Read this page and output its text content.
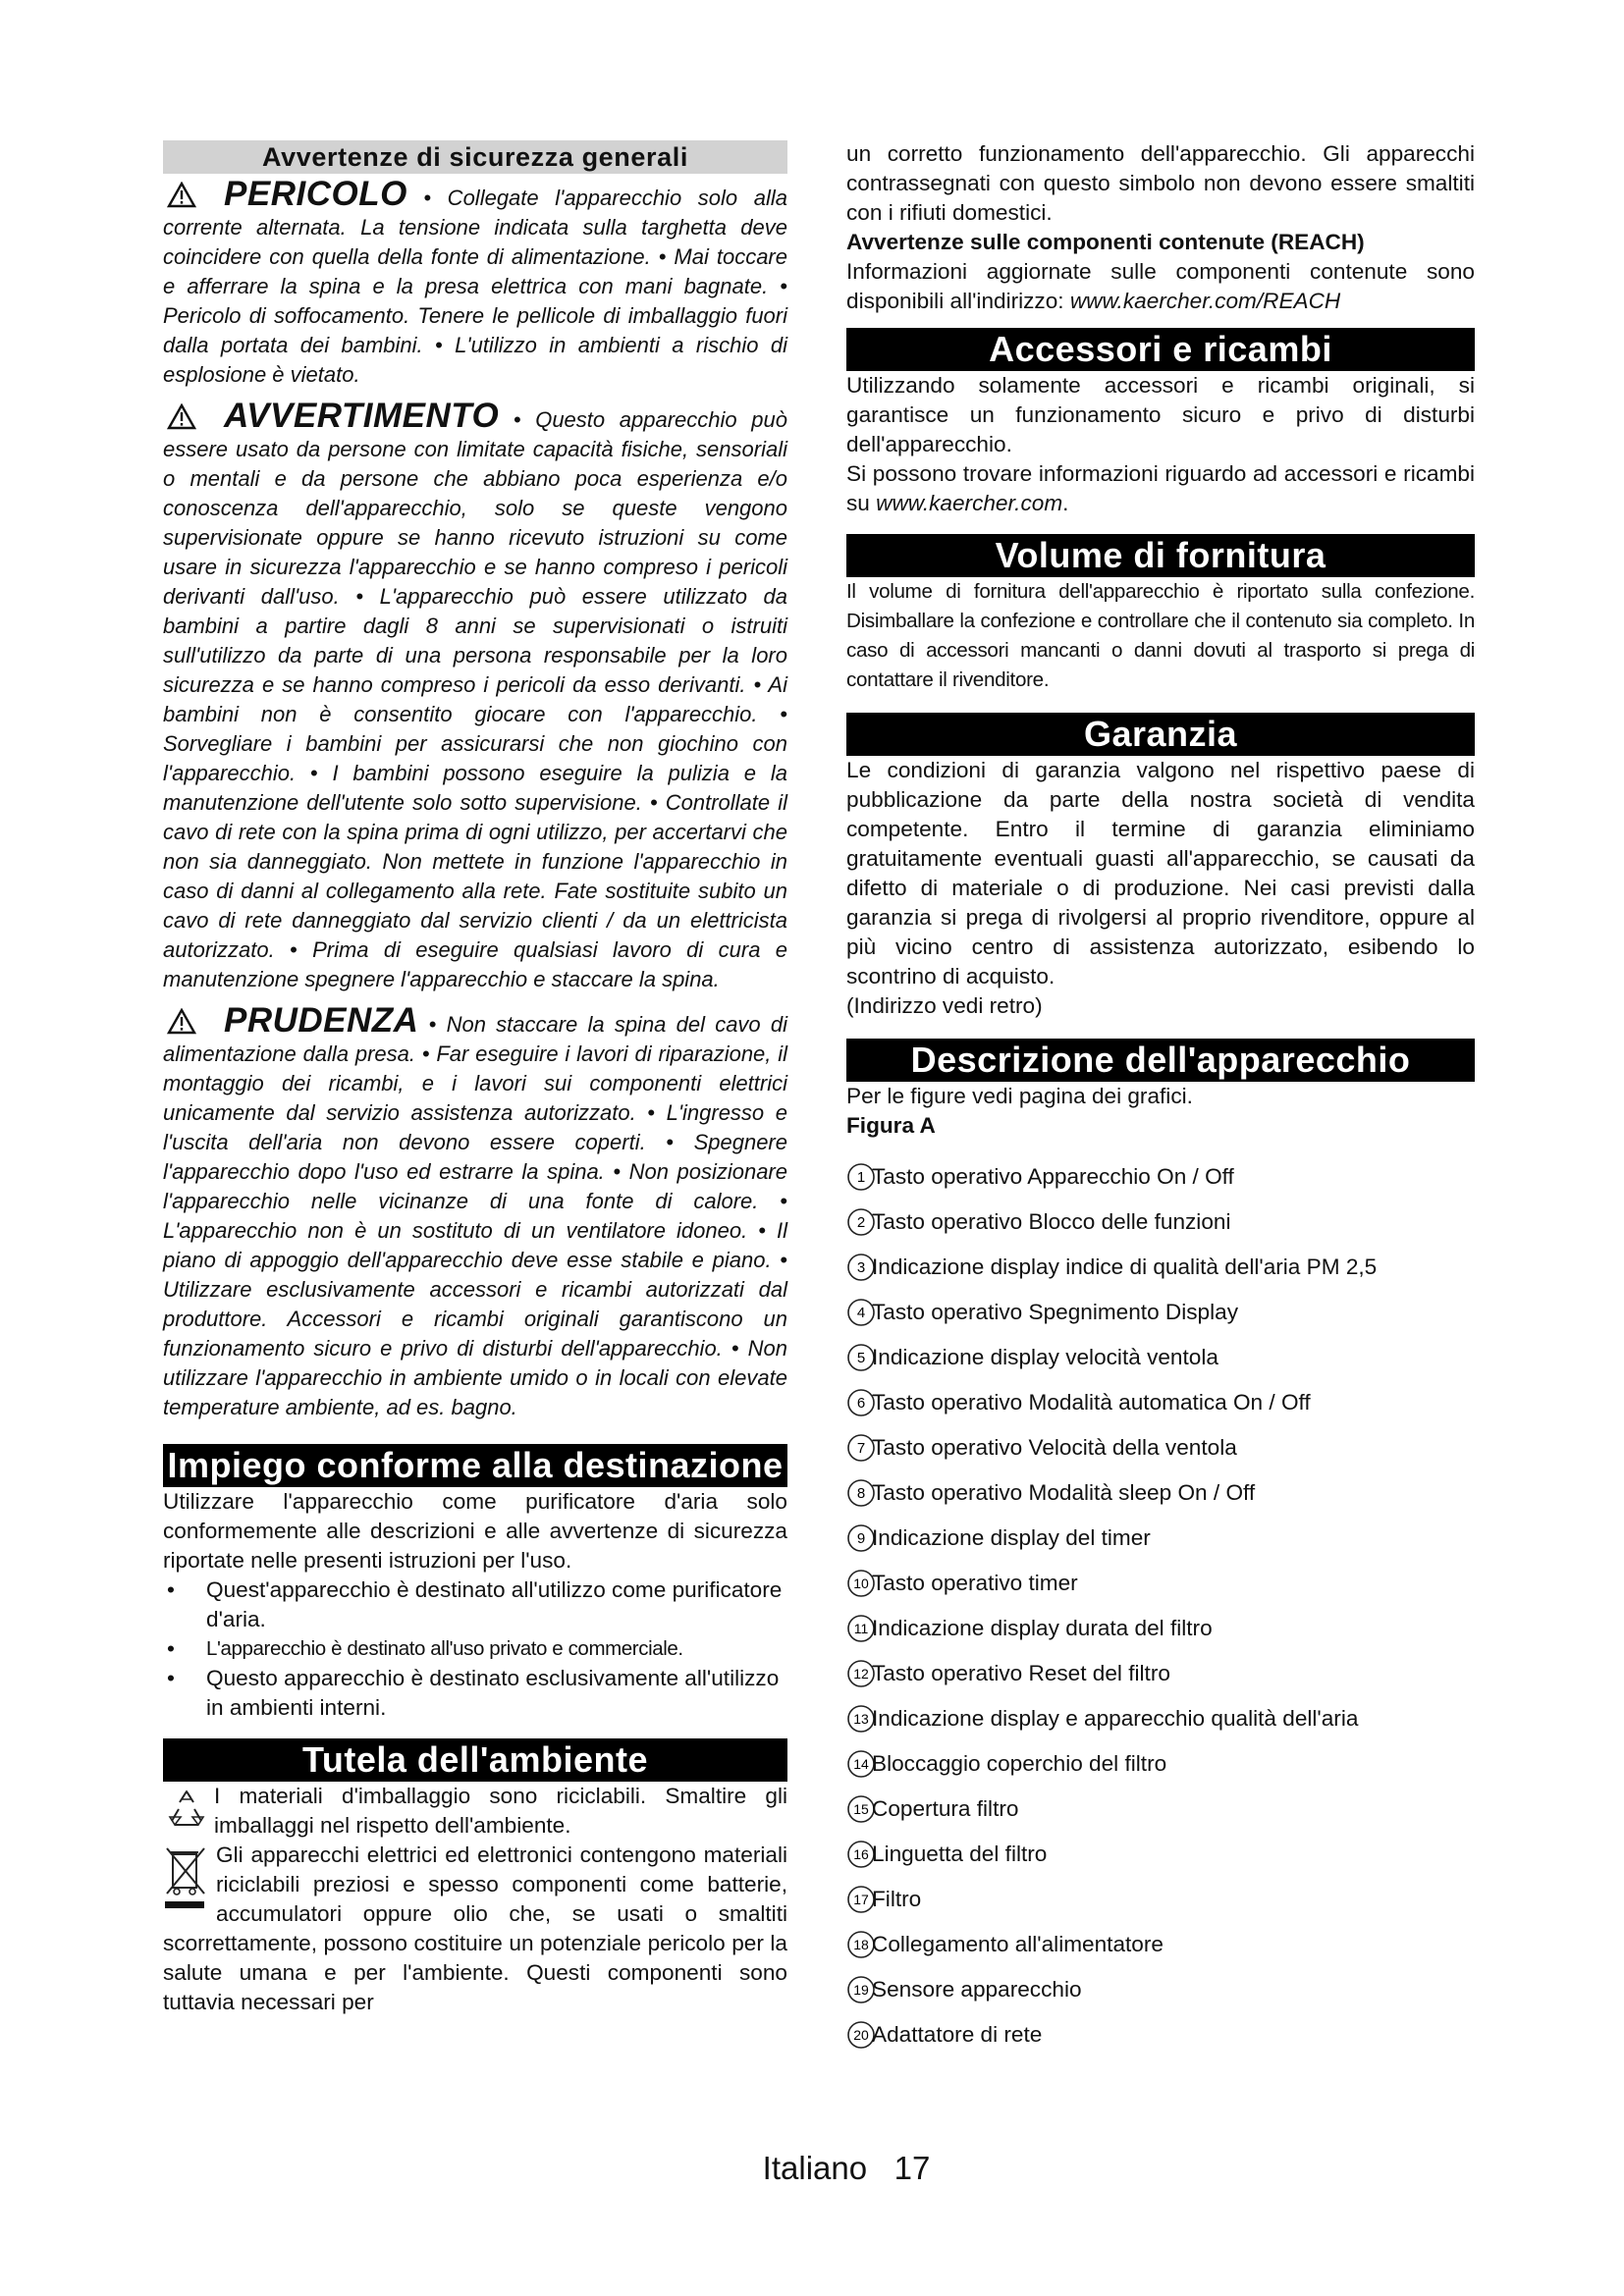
Avvertenze di sicurezza generali

PERICOLO • Collegate l'apparecchio solo alla corrente alternata. La tensione indicata sulla targhetta deve coincidere con quella della fonte di alimentazione. • Mai toccare e afferrare la spina e la presa elettrica con mani bagnate. • Pericolo di soffocamento. Tenere le pellicole di imballaggio fuori dalla portata dei bambini. • L'utilizzo in ambienti a rischio di esplosione è vietato.

AVVERTIMENTO • Questo apparecchio può essere usato da persone con limitate capacità fisiche, sensoriali o mentali e da persone che abbiano poca esperienza e/o conoscenza dell'apparecchio, solo se queste vengono supervisionate oppure se hanno ricevuto istruzioni su come usare in sicurezza l'apparecchio e se hanno compreso i pericoli derivanti dall'uso. • L'apparecchio può essere utilizzato da bambini a partire dagli 8 anni se supervisionati o istruiti sull'utilizzo da parte di una persona responsabile per la loro sicurezza e se hanno compreso i pericoli da esso derivanti. • Ai bambini non è consentito giocare con l'apparecchio. • Sorvegliare i bambini per assicurarsi che non giochino con l'apparecchio. • I bambini possono eseguire la pulizia e la manutenzione dell'utente solo sotto supervisione. • Controllate il cavo di rete con la spina prima di ogni utilizzo, per accertarvi che non sia danneggiato. Non mettete in funzione l'apparecchio in caso di danni al collegamento alla rete. Fate sostituite subito un cavo di rete danneggiato dal servizio clienti / da un elettricista autorizzato. • Prima di eseguire qualsiasi lavoro di cura e manutenzione spegnere l'apparecchio e staccare la spina.

PRUDENZA • Non staccare la spina del cavo di alimentazione dalla presa. • Far eseguire i lavori di riparazione, il montaggio dei ricambi, e i lavori sui componenti elettrici unicamente dal servizio assistenza autorizzato. • L'ingresso e l'uscita dell'aria non devono essere coperti. • Spegnere l'apparecchio dopo l'uso ed estrarre la spina. • Non posizionare l'apparecchio nelle vicinanze di una fonte di calore. • L'apparecchio non è un sostituto di un ventilatore idoneo. • Il piano di appoggio dell'apparecchio deve esse stabile e piano. • Utilizzare esclusivamente accessori e ricambi autorizzati dal produttore. Accessori e ricambi originali garantiscono un funzionamento sicuro e privo di disturbi dell'apparecchio. • Non utilizzare l'apparecchio in ambiente umido o in locali con elevate temperature ambiente, ad es. bagno.

Impiego conforme alla destinazione

Utilizzare l'apparecchio come purificatore d'aria solo conformemente alle descrizioni e alle avvertenze di sicurezza riportate nelle presenti istruzioni per l'uso.

•	Quest'apparecchio è destinato all'utilizzo come purificatore d'aria.
•	L'apparecchio è destinato all'uso privato e commerciale.
•	Questo apparecchio è destinato esclusivamente all'utilizzo in ambienti interni.
Tutela dell'ambiente

I materiali d'imballaggio sono riciclabili. Smaltire gli imballaggi nel rispetto dell'ambiente.

Gli apparecchi elettrici ed elettronici contengono materiali riciclabili preziosi e spesso componenti come batterie, accumulatori oppure olio che, se usati o smaltiti scorrettamente, possono costituire un potenziale pericolo per la salute umana e per l'ambiente. Questi componenti sono tuttavia necessari per

un corretto funzionamento dell'apparecchio. Gli apparecchi contrassegnati con questo simbolo non devono essere smaltiti con i rifiuti domestici.

Avvertenze sulle componenti contenute (REACH)

Informazioni aggiornate sulle componenti contenute sono disponibili all'indirizzo: www.kaercher.com/REACH

Accessori e ricambi

Utilizzando solamente accessori e ricambi originali, si garantisce un funzionamento sicuro e privo di disturbi dell'apparecchio.

Si possono trovare informazioni riguardo ad accessori e ricambi su www.kaercher.com.

Volume di fornitura

Il volume di fornitura dell'apparecchio è riportato sulla confezione. Disimballare la confezione e controllare che il contenuto sia completo. In caso di accessori mancanti o danni dovuti al trasporto si prega di contattare il rivenditore.

Garanzia

Le condizioni di garanzia valgono nel rispettivo paese di pubblicazione da parte della nostra società di vendita competente. Entro il termine di garanzia eliminiamo gratuitamente eventuali guasti all'apparecchio, se causati da difetto di materiale o di produzione. Nei casi previsti dalla garanzia si prega di rivolgersi al proprio rivenditore, oppure al più vicino centro di assistenza autorizzato, esibendo lo scontrino di acquisto.

(Indirizzo vedi retro)

Descrizione dell'apparecchio

Per le figure vedi pagina dei grafici.

Figura A

1 Tasto operativo Apparecchio On / Off
2 Tasto operativo Blocco delle funzioni
3 Indicazione display indice di qualità dell'aria PM 2,5
4 Tasto operativo Spegnimento Display
5 Indicazione display velocità ventola
6 Tasto operativo Modalità automatica On / Off
7 Tasto operativo Velocità della ventola
8 Tasto operativo Modalità sleep On / Off
9 Indicazione display del timer
10 Tasto operativo timer
11 Indicazione display durata del filtro
12 Tasto operativo Reset del filtro
13 Indicazione display e apparecchio qualità dell'aria
14 Bloccaggio coperchio del filtro
15 Copertura filtro
16 Linguetta del filtro
17 Filtro
18 Collegamento all'alimentatore
19 Sensore apparecchio
20 Adattatore di rete
Italiano 17
